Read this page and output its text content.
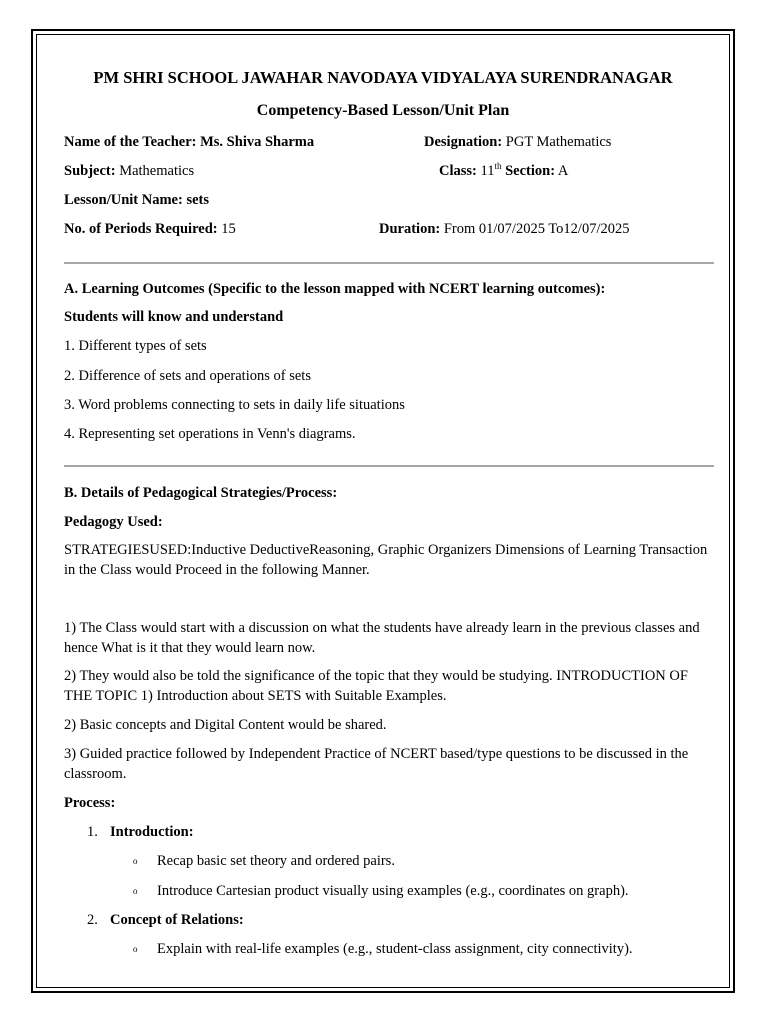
PM SHRI SCHOOL JAWAHAR NAVODAYA VIDYALAYA SURENDRANAGAR
Competency-Based Lesson/Unit Plan
Name of the Teacher: Ms. Shiva Sharma	Designation: PGT Mathematics
Subject: Mathematics	Class: 11th Section: A
Lesson/Unit Name: sets
No. of Periods Required: 15	Duration: From 01/07/2025 To12/07/2025
A. Learning Outcomes (Specific to the lesson mapped with NCERT learning outcomes):
Students will know and understand
1. Different types of sets
2. Difference of sets and operations of sets
3. Word problems connecting to sets in daily life situations
4. Representing set operations in Venn's diagrams.
B. Details of Pedagogical Strategies/Process:
Pedagogy Used:
STRATEGIESUSED:Inductive DeductiveReasoning, Graphic Organizers Dimensions of Learning Transaction in the Class would Proceed in the following Manner.
1) The Class would start with a discussion on what the students have already learn in the previous classes and hence What is it that they would learn now.
2) They would also be told the significance of the topic that they would be studying. INTRODUCTION OF THE TOPIC 1) Introduction about SETS with Suitable Examples.
2) Basic concepts and Digital Content would be shared.
3) Guided practice followed by Independent Practice of NCERT based/type questions to be discussed in the classroom.
Process:
1. Introduction:
o Recap basic set theory and ordered pairs.
o Introduce Cartesian product visually using examples (e.g., coordinates on graph).
2. Concept of Relations:
o Explain with real-life examples (e.g., student-class assignment, city connectivity).
